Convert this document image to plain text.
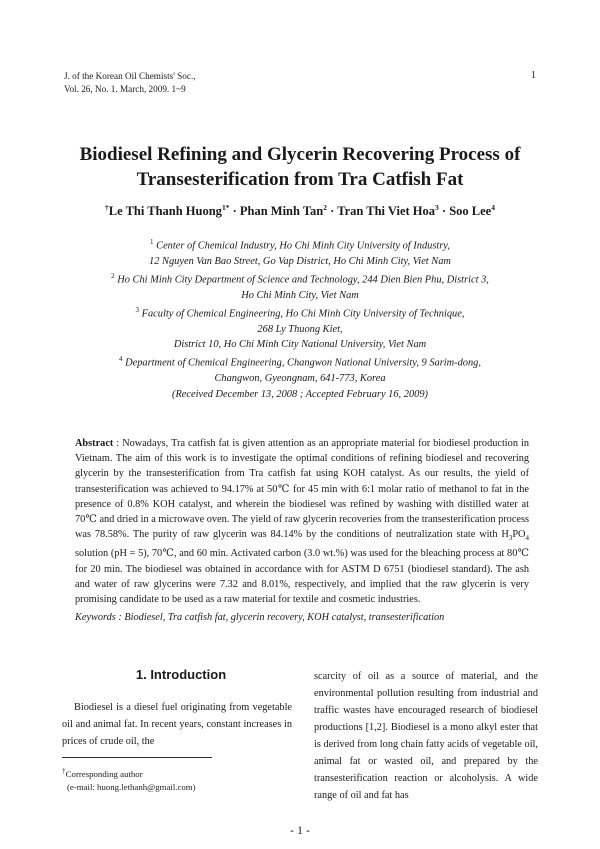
J. of the Korean Oil Chemists' Soc.,
Vol. 26, No. 1. March, 2009. 1~9
1
Biodiesel Refining and Glycerin Recovering Process of
Transesterification from Tra Catfish Fat
†Le Thi Thanh Huong$^{1*}$ · Phan Minh Tan$^2$ · Tran Thi Viet Hoa$^3$ · Soo Lee$^4$
$^1$ Center of Chemical Industry, Ho Chi Minh City University of Industry,
12 Nguyen Van Bao Street, Go Vap District, Ho Chi Minh City, Viet Nam
$^2$ Ho Chi Minh City Department of Science and Technology, 244 Dien Bien Phu, District 3,
Ho Chi Minh City, Viet Nam
$^3$ Faculty of Chemical Engineering, Ho Chi Minh City University of Technique,
268 Ly Thuong Kiet,
District 10, Ho Chi Minh City National University, Viet Nam
$^4$ Department of Chemical Engineering, Changwon National University, 9 Sarim-dong,
Changwon, Gyeongnam, 641-773, Korea
(Received December 13, 2008 ; Accepted February 16, 2009)
Abstract : Nowadays, Tra catfish fat is given attention as an appropriate material for biodiesel production in Vietnam. The aim of this work is to investigate the optimal conditions of refining biodiesel and recovering glycerin by the transesterification from Tra catfish fat using KOH catalyst. As our results, the yield of transesterification was achieved to 94.17% at 50℃ for 45 min with 6:1 molar ratio of methanol to fat in the presence of 0.8% KOH catalyst, and wherein the biodiesel was refined by washing with distilled water at 70℃ and dried in a microwave oven. The yield of raw glycerin recoveries from the transesterification process was 78.58%. The purity of raw glycerin was 84.14% by the conditions of neutralization state with $H_3PO_4$ solution (pH = 5), 70℃, and 60 min. Activated carbon (3.0 wt.%) was used for the bleaching process at 80℃ for 20 min. The biodiesel was obtained in accordance with for ASTM D 6751 (biodiesel standard). The ash and water of raw glycerins were 7.32 and 8.01%, respectively, and implied that the raw glycerin is very promising candidate to be used as a raw material for textile and cosmetic industries.
Keywords : Biodiesel, Tra catfish fat, glycerin recovery, KOH catalyst, transesterification
1. Introduction
Biodiesel is a diesel fuel originating from vegetable oil and animal fat. In recent years, constant increases in prices of crude oil, the
scarcity of oil as a source of material, and the environmental pollution resulting from industrial and traffic wastes have encouraged research of biodiesel productions [1,2]. Biodiesel is a mono alkyl ester that is derived from long chain fatty acids of vegetable oil, animal fat or wasted oil, and prepared by the transesterification reaction or alcoholysis. A wide range of oil and fat has
†Corresponding author
(e-mail: huong.lethanh@gmail.com)
- 1 -
